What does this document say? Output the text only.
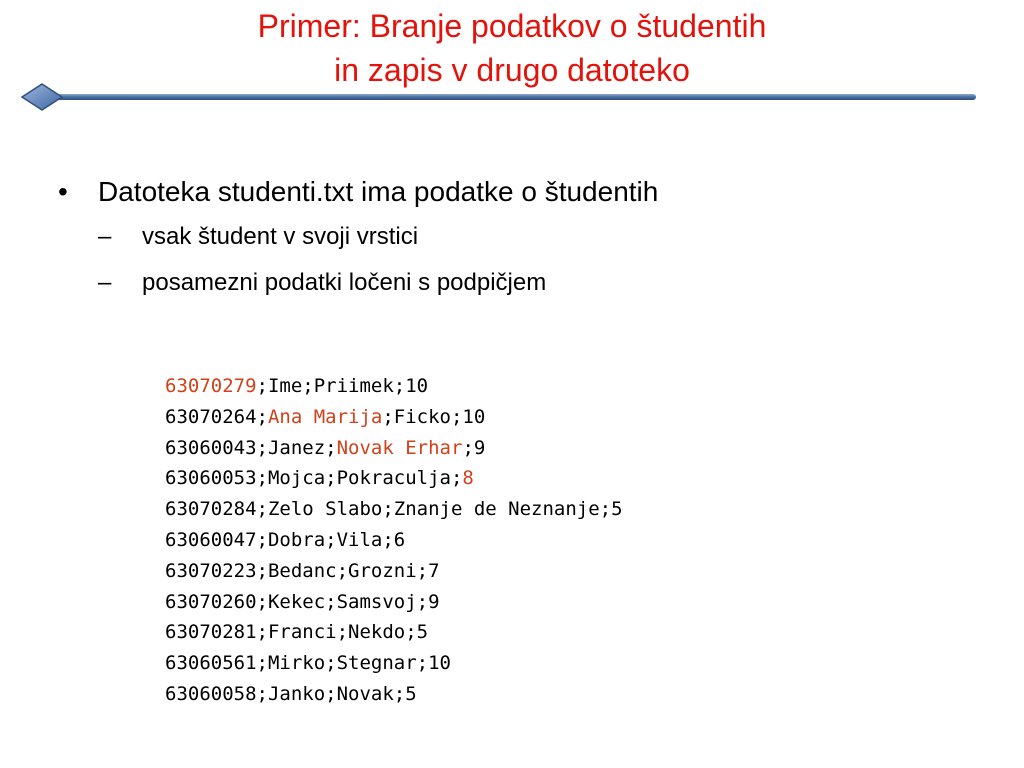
Primer: Branje podatkov o študentih
in zapis v drugo datoteko
•	Datoteka studenti.txt ima podatke o študentih
– vsak študent v svoji vrstici
– posamezni podatki ločeni s podpičjem
63070279;Ime;Priimek;10
63070264;Ana Marija;Ficko;10
63060043;Janez;Novak Erhar;9
63060053;Mojca;Pokraculja;8
63070284;Zelo Slabo;Znanje de Neznanje;5
63060047;Dobra;Vila;6
63070223;Bedanc;Grozni;7
63070260;Kekec;Samsvoj;9
63070281;Franci;Nekdo;5
63060561;Mirko;Stegnar;10
63060058;Janko;Novak;5
